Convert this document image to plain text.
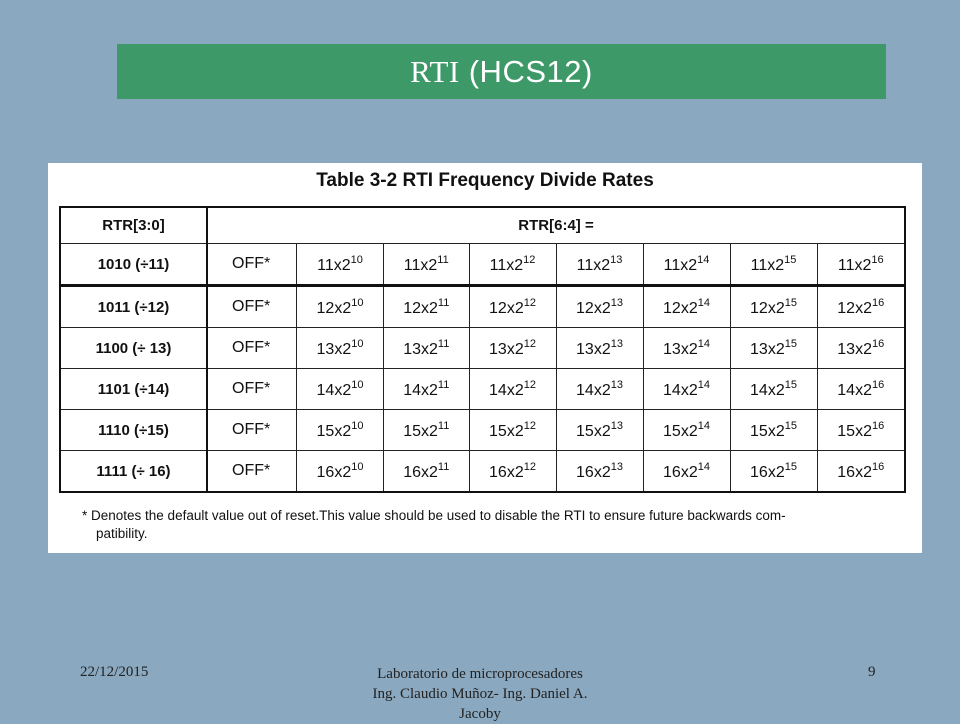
RTI (HCS12)
Table 3-2 RTI Frequency Divide Rates
RTR[3:0]	RTR[6:4] =							
1010 (÷11)	OFF*	$11x2^{10}$	$11x2^{11}$	$11x2^{12}$	$11x2^{13}$	$11x2^{14}$	$11x2^{15}$	$11x2^{16}$
1011 (÷12)	OFF*	$12x2^{10}$	$12x2^{11}$	$12x2^{12}$	$12x2^{13}$	$12x2^{14}$	$12x2^{15}$	$12x2^{16}$
1100 (÷ 13)	OFF*	$13x2^{10}$	$13x2^{11}$	$13x2^{12}$	$13x2^{13}$	$13x2^{14}$	$13x2^{15}$	$13x2^{16}$
1101 (÷14)	OFF*	$14x2^{10}$	$14x2^{11}$	$14x2^{12}$	$14x2^{13}$	$14x2^{14}$	$14x2^{15}$	$14x2^{16}$
1110 (÷15)	OFF*	$15x2^{10}$	$15x2^{11}$	$15x2^{12}$	$15x2^{13}$	$15x2^{14}$	$15x2^{15}$	$15x2^{16}$
1111 (÷ 16)	OFF*	$16x2^{10}$	$16x2^{11}$	$16x2^{12}$	$16x2^{13}$	$16x2^{14}$	$16x2^{15}$	$16x2^{16}$
* Denotes the default value out of reset.This value should be used to disable the RTI to ensure future backwards com-
patibility.
22/12/2015	Laboratorio de microprocesadores
Ing. Claudio Muñoz- Ing. Daniel A.
Jacoby
9
